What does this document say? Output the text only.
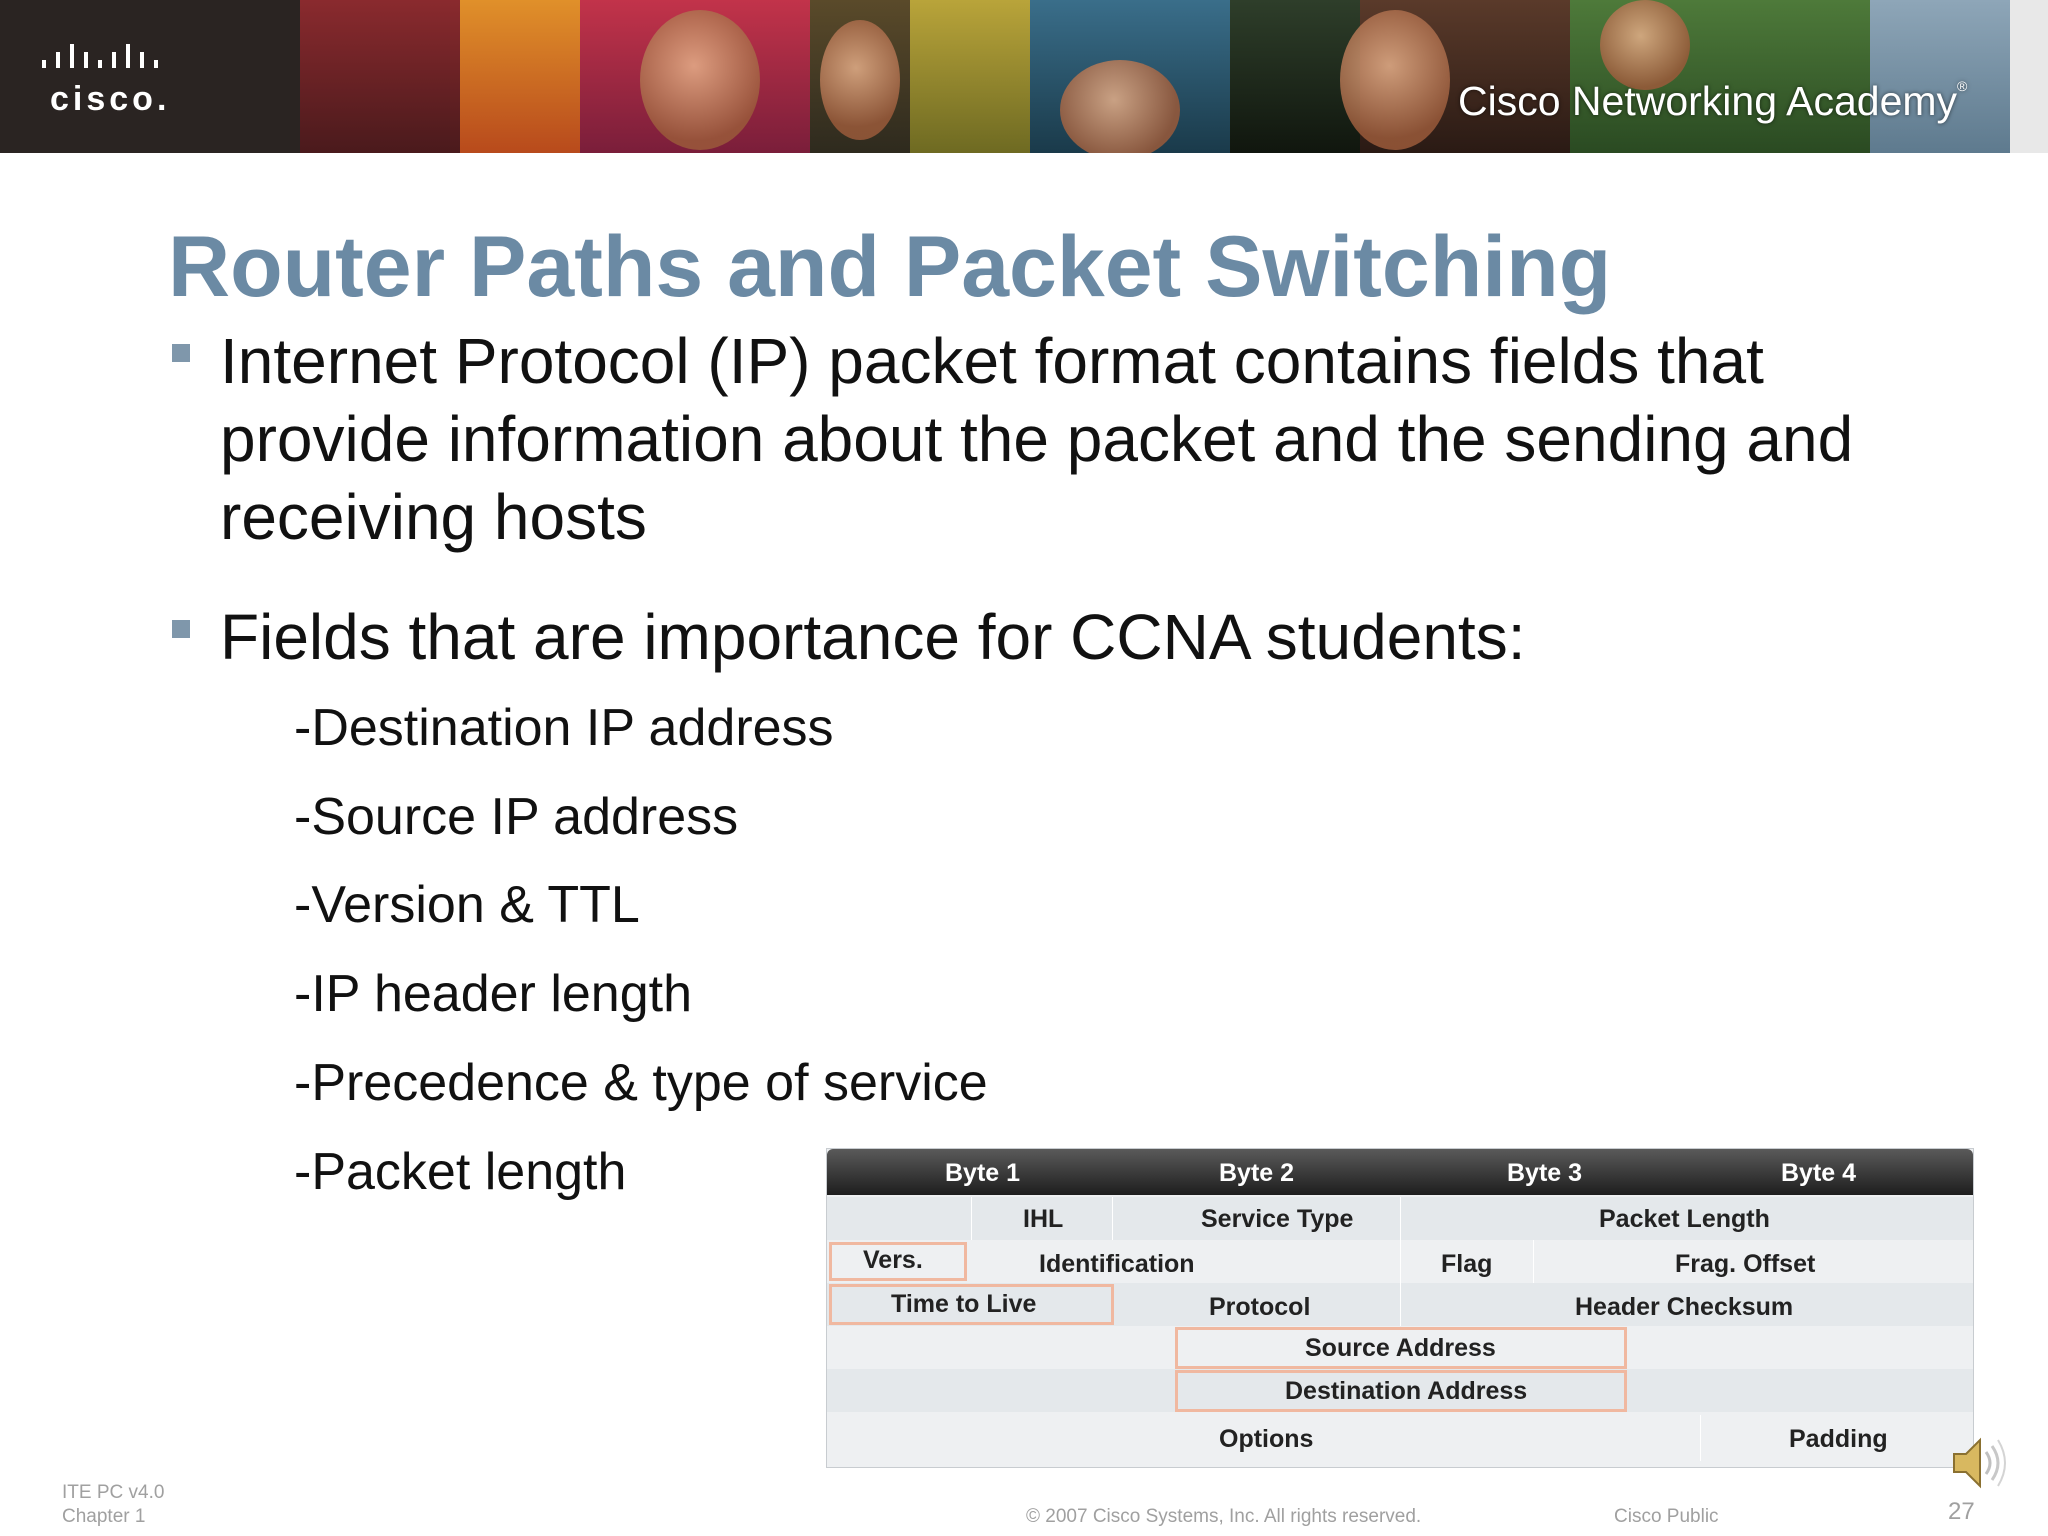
cisco.	Cisco Networking Academy®
Router Paths and Packet Switching
Internet Protocol (IP) packet format contains fields that provide information about the packet and the sending and receiving hosts
Fields that are importance for CCNA students:
-Destination IP address
-Source IP address
-Version & TTL
-IP header length
-Precedence & type of service
-Packet length	Byte 1	Byte 2	Byte 3	Byte 4
IHL	Service Type	Packet Length
Vers.	Identification	Flag	Frag. Offset
Time to Live	Protocol	Header Checksum
Source Address
Destination Address
Options	Padding
ITE PC v4.0
Chapter 1	© 2007 Cisco Systems, Inc. All rights reserved.	Cisco Public	27
